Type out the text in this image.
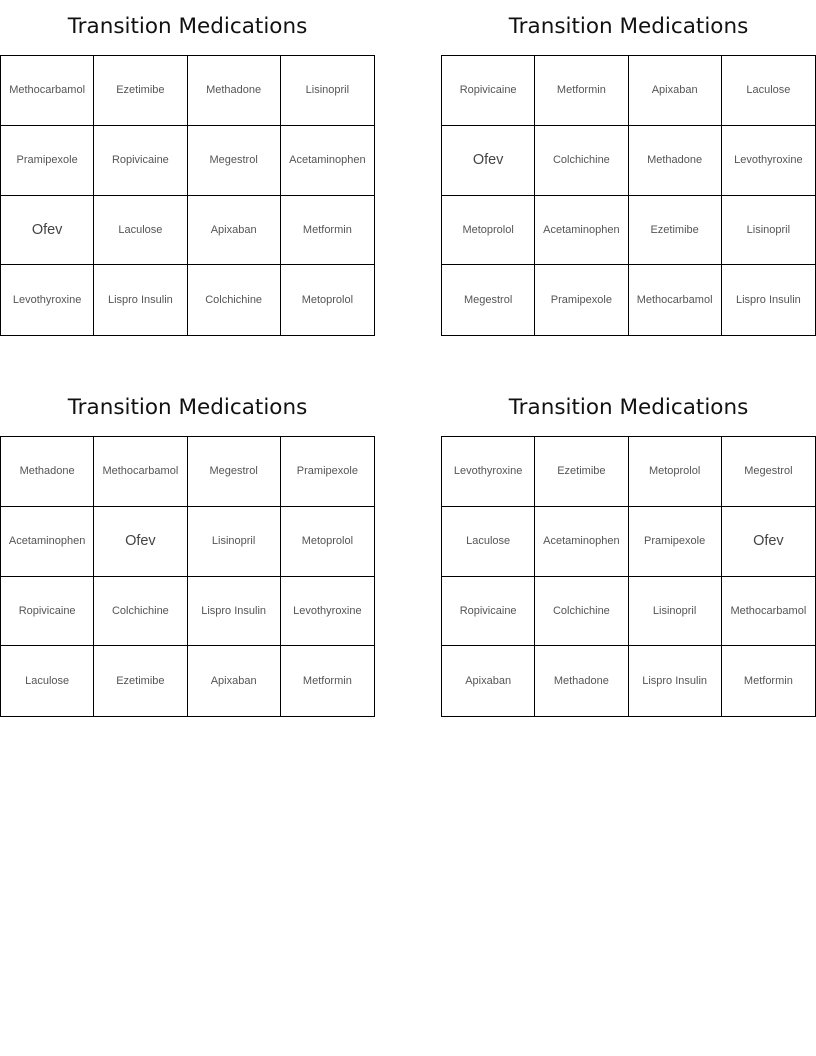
Transition Medications
Methocarbamol	Ezetimibe	Methadone	Lisinopril
Pramipexole	Ropivicaine	Megestrol	Acetaminophen
Ofev	Laculose	Apixaban	Metformin
Levothyroxine	Lispro Insulin	Colchichine	Metoprolol
Transition Medications
Ropivicaine	Metformin	Apixaban	Laculose
Ofev	Colchichine	Methadone	Levothyroxine
Metoprolol	Acetaminophen	Ezetimibe	Lisinopril
Megestrol	Pramipexole	Methocarbamol	Lispro Insulin
Transition Medications
Methadone	Methocarbamol	Megestrol	Pramipexole
Acetaminophen	Ofev	Lisinopril	Metoprolol
Ropivicaine	Colchichine	Lispro Insulin	Levothyroxine
Laculose	Ezetimibe	Apixaban	Metformin
Transition Medications
Levothyroxine	Ezetimibe	Metoprolol	Megestrol
Laculose	Acetaminophen	Pramipexole	Ofev
Ropivicaine	Colchichine	Lisinopril	Methocarbamol
Apixaban	Methadone	Lispro Insulin	Metformin
